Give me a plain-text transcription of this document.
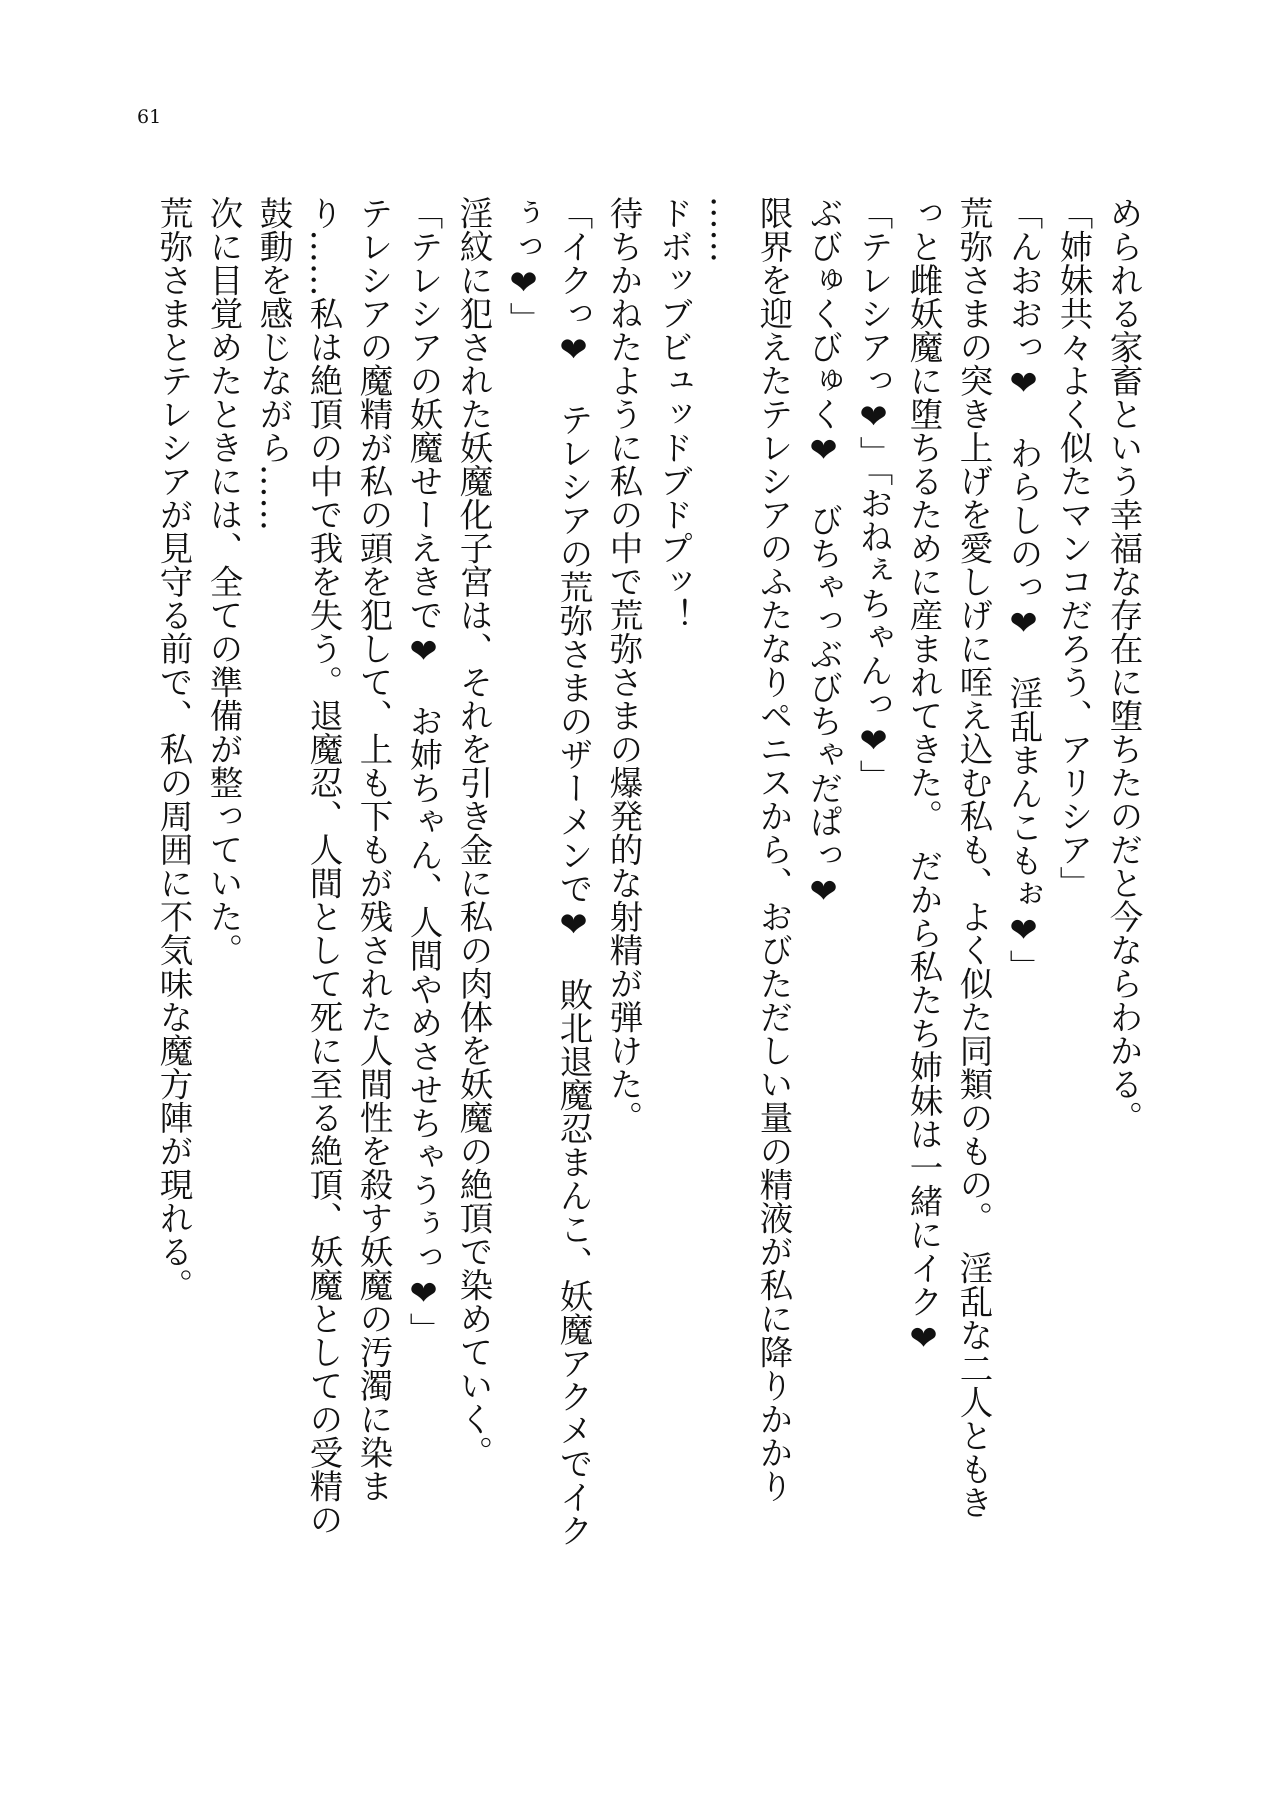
61
められる家畜という幸福な存在に堕ちたのだと今ならわかる。
「姉妹共々よく似たマンコだろう、アリシア」
「んおおっ❤　わらしのっ❤　淫乱まんこもぉ❤」
荒弥さまの突き上げを愛しげに咥え込む私も、よく似た同類のもの。　淫乱な二人ともき
っと雌妖魔に堕ちるために産まれてきた。　だから私たち姉妹は一緒にイク❤
「テレシアっ❤」「おねぇちゃんっ❤」
ぶびゅくびゅく❤　びちゃっぶびちゃだぱっ❤
限界を迎えたテレシアのふたなりペニスから、おびただしい量の精液が私に降りかかり
……
ドボッブビュッドブドプッ！
待ちかねたように私の中で荒弥さまの爆発的な射精が弾けた。
「イクっ❤　テレシアの荒弥さまのザーメンで❤　敗北退魔忍まんこ、妖魔アクメでイク
ぅっ❤」
淫紋に犯された妖魔化子宮は、それを引き金に私の肉体を妖魔の絶頂で染めていく。
「テレシアの妖魔せーえきで❤　お姉ちゃん、人間やめさせちゃうぅっ❤」
テレシアの魔精が私の頭を犯して、上も下もが残された人間性を殺す妖魔の汚濁に染ま
り……私は絶頂の中で我を失う。退魔忍、人間として死に至る絶頂、妖魔としての受精の
鼓動を感じながら……
次に目覚めたときには、全ての準備が整っていた。
荒弥さまとテレシアが見守る前で、私の周囲に不気味な魔方陣が現れる。
